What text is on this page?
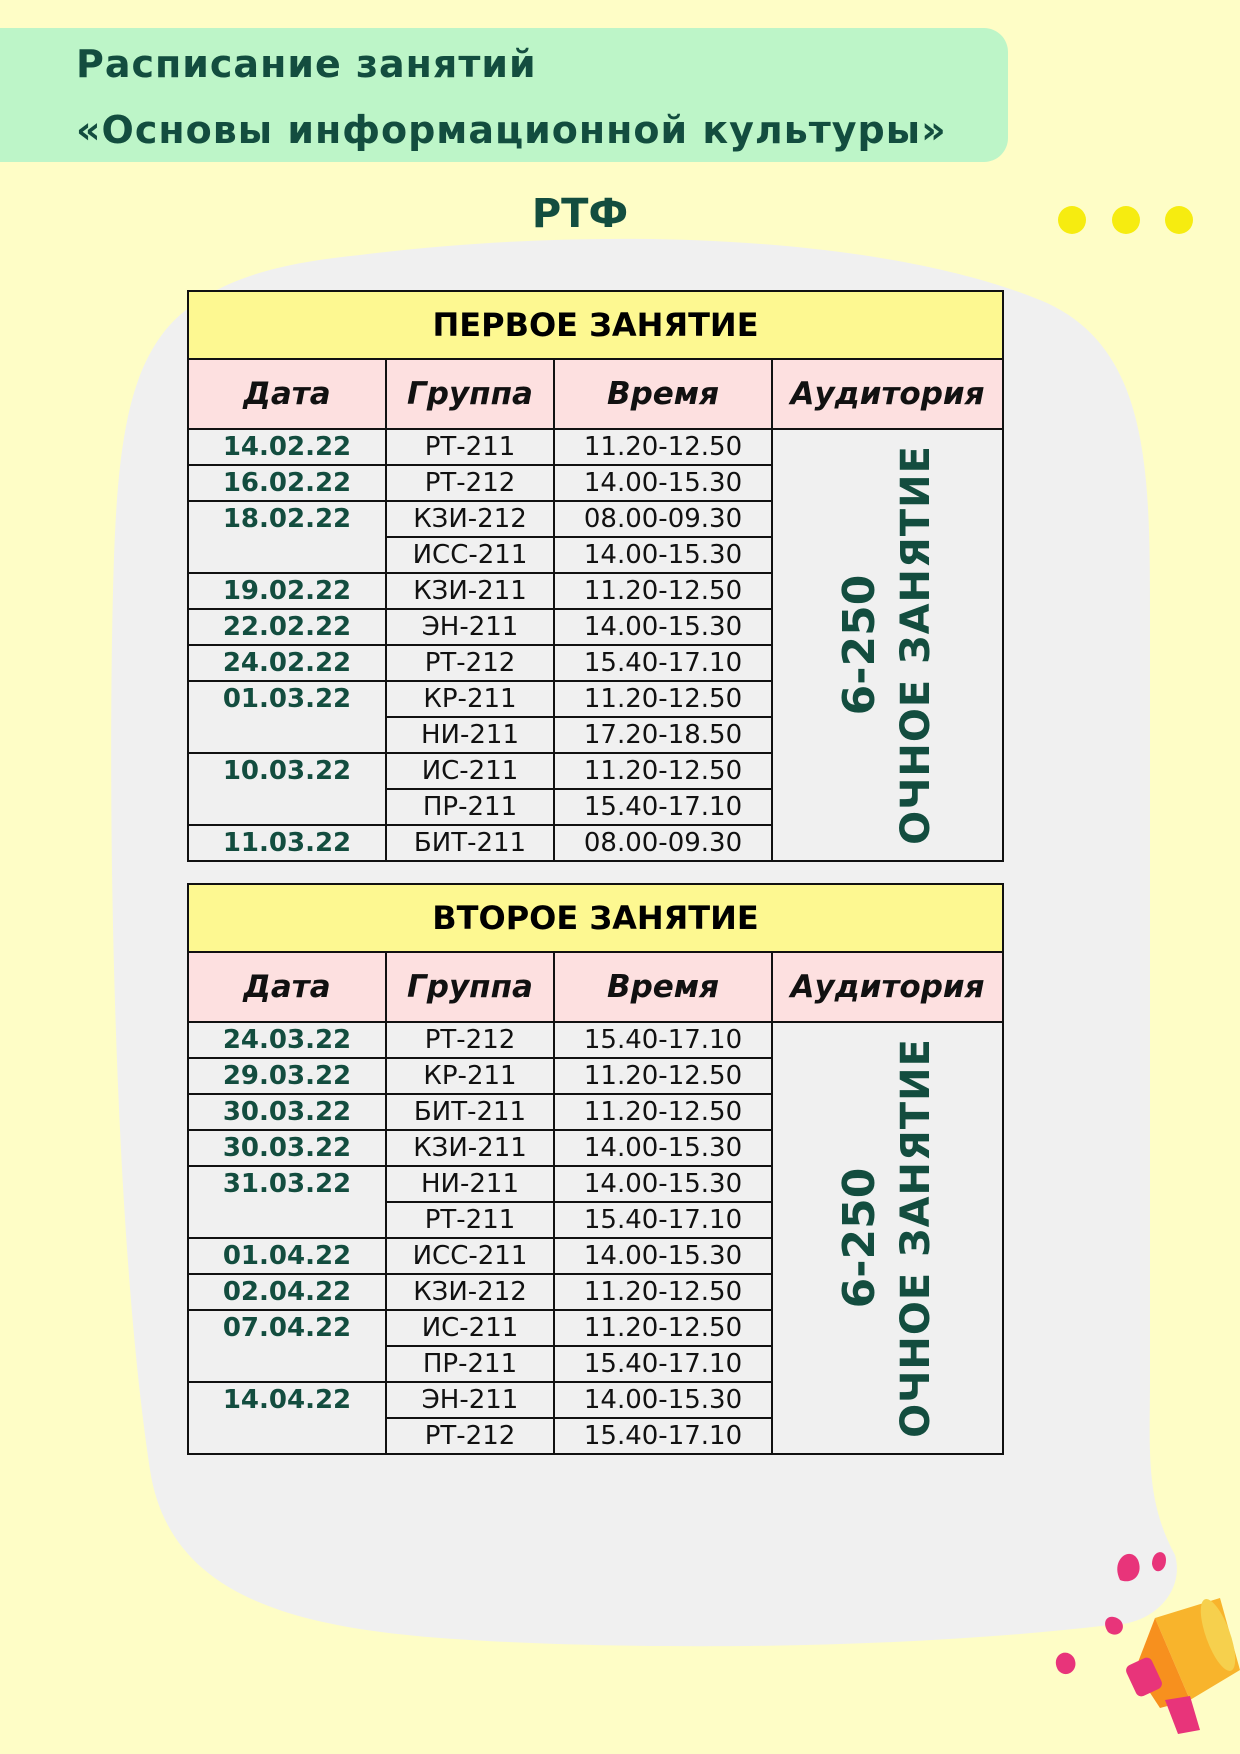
Расписание занятий
«Основы информационной культуры»
РТФ
ПЕРВОЕ ЗАНЯТИЕ			
Дата	Группа	Время	Аудитория
14.02.22	РТ-211	11.20-12.50	6-250 ОЧНОЕ ЗАНЯТИЕ

16.02.22	РТ-212	14.00-15.30	
18.02.22	КЗИ-212	08.00-09.30	
	ИСС-211	14.00-15.30	
19.02.22	КЗИ-211	11.20-12.50	
22.02.22	ЭН-211	14.00-15.30	
24.02.22	РТ-212	15.40-17.10	
01.03.22	КР-211	11.20-12.50	
	НИ-211	17.20-18.50	
10.03.22	ИС-211	11.20-12.50	
	ПР-211	15.40-17.10	
11.03.22	БИТ-211	08.00-09.30	
ВТОРОЕ ЗАНЯТИЕ			
Дата	Группа	Время	Аудитория
24.03.22	РТ-212	15.40-17.10	6-250 ОЧНОЕ ЗАНЯТИЕ

29.03.22	КР-211	11.20-12.50	
30.03.22	БИТ-211	11.20-12.50	
30.03.22	КЗИ-211	14.00-15.30	
31.03.22	НИ-211	14.00-15.30	
	РТ-211	15.40-17.10	
01.04.22	ИСС-211	14.00-15.30	
02.04.22	КЗИ-212	11.20-12.50	
07.04.22	ИС-211	11.20-12.50	
	ПР-211	15.40-17.10	
14.04.22	ЭН-211	14.00-15.30	
	РТ-212	15.40-17.10	
